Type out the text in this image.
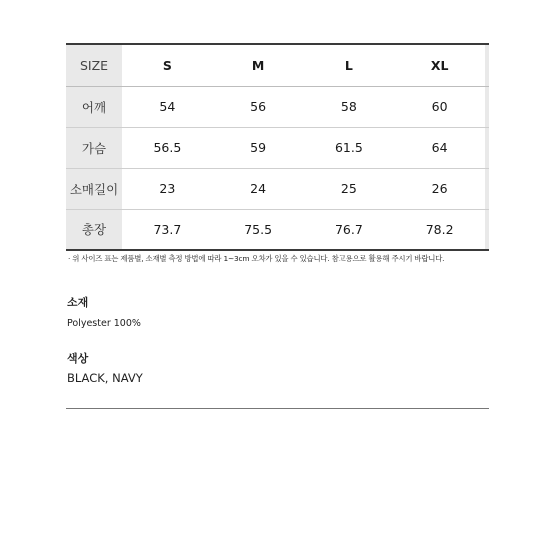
SIZE	S	M	L	XL	
어깨	54	56	58	60	
가슴	56.5	59	61.5	64	
소매길이	23	24	25	26	
총장	73.7	75.5	76.7	78.2	
· 위 사이즈 표는 제품별, 소재별 측정 방법에 따라 1~3cm 오차가 있을 수 있습니다. 참고용으로 활용해 주시기 바랍니다.
소재
Polyester 100%
색상
BLACK, NAVY
